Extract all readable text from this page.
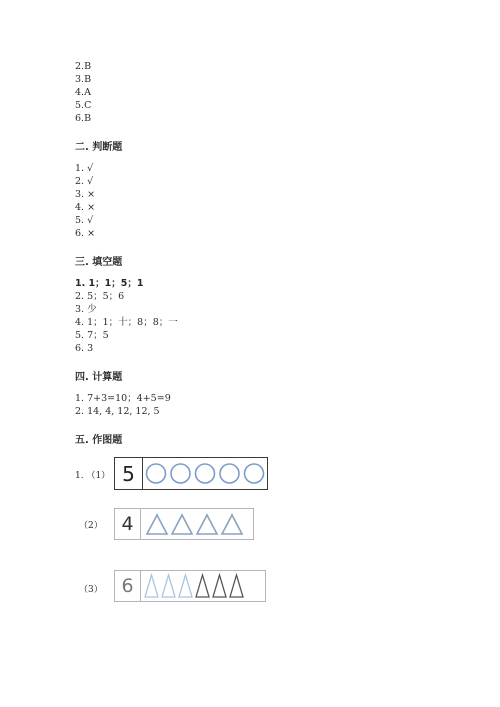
2.B
3.B
4.A
5.C
6.B
二. 判断题
1. √
2. √
3. ×
4. ×
5. √
6. ×
三. 填空题
1. 1；1；5；1
2. 5；5；6
3. 少
4. 1；1；十；8；8；一
5. 7；5
6. 3
四. 计算题
1. 7+3=10；4+5=9
2. 14, 4, 12, 12, 5
五. 作图题
1. （1） 5
（2） 4
（3） 6
